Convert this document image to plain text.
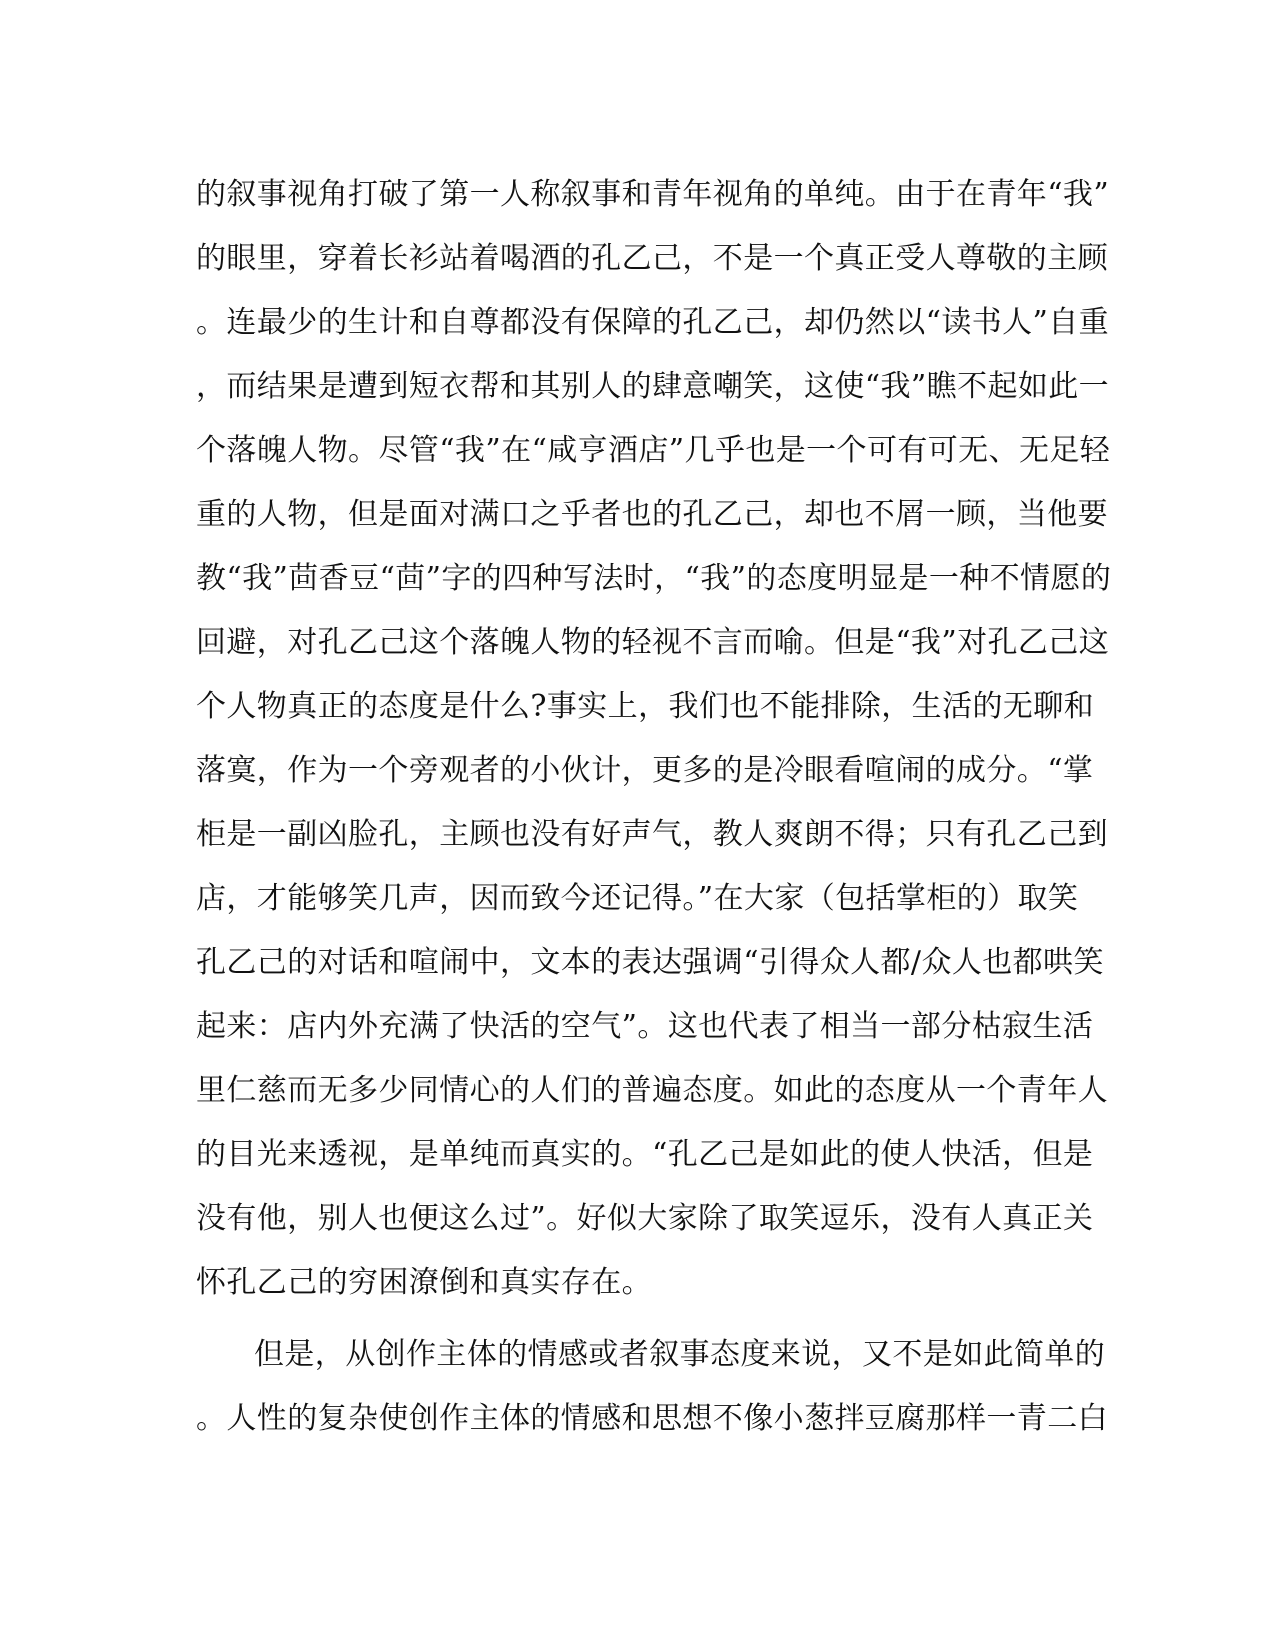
的叙事视角打破了第一人称叙事和青年视角的单纯。由于在青年“我”
的眼里，穿着长衫站着喝酒的孔乙己，不是一个真正受人尊敬的主顾
。连最少的生计和自尊都没有保障的孔乙己，却仍然以“读书人”自重
，而结果是遭到短衣帮和其别人的肆意嘲笑，这使“我”瞧不起如此一
个落魄人物。尽管“我”在“咸亨酒店”几乎也是一个可有可无、无足轻
重的人物，但是面对满口之乎者也的孔乙己，却也不屑一顾，当他要
教“我”茴香豆“茴”字的四种写法时，“我”的态度明显是一种不情愿的
回避，对孔乙己这个落魄人物的轻视不言而喻。但是“我”对孔乙己这
个人物真正的态度是什么?事实上，我们也不能排除，生活的无聊和
落寞，作为一个旁观者的小伙计，更多的是冷眼看喧闹的成分。“掌
柜是一副凶脸孔，主顾也没有好声气，教人爽朗不得；只有孔乙己到
店，才能够笑几声，因而致今还记得。”在大家（包括掌柜的）取笑
孔乙己的对话和喧闹中，文本的表达强调“引得众人都/众人也都哄笑
起来：店内外充满了快活的空气”。这也代表了相当一部分枯寂生活
里仁慈而无多少同情心的人们的普遍态度。如此的态度从一个青年人
的目光来透视，是单纯而真实的。“孔乙己是如此的使人快活，但是
没有他，别人也便这么过”。好似大家除了取笑逗乐，没有人真正关
怀孔乙己的穷困潦倒和真实存在。
但是，从创作主体的情感或者叙事态度来说，又不是如此简单的
。人性的复杂使创作主体的情感和思想不像小葱拌豆腐那样一青二白
